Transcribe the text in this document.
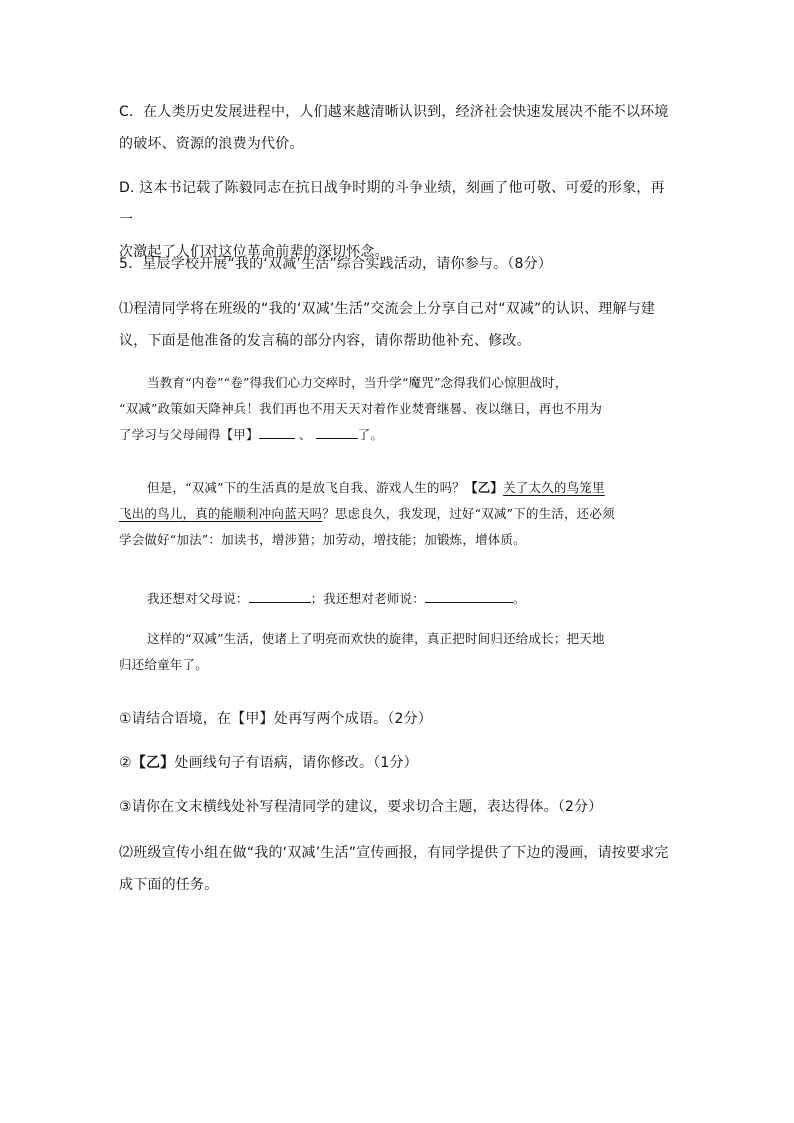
C．在人类历史发展进程中，人们越来越清晰认识到，经济社会快速发展决不能不以环境

的破坏、资源的浪费为代价。

D. 这本书记载了陈毅同志在抗日战争时期的斗争业绩，刻画了他可敬、可爱的形象，再一

次激起了人们对这位革命前辈的深切怀念。

5．星辰学校开展“我的‘双减’生活”综合实践活动，请你参与。（8分）

⑴程清同学将在班级的“我的‘双减’生活”交流会上分享自己对“双减”的认识、理解与建

议，下面是他准备的发言稿的部分内容，请你帮助他补充、修改。

当教育“内卷”“卷”得我们心力交瘁时，当升学“魔咒”念得我们心惊胆战时，

“双减”政策如天降神兵！我们再也不用天天对着作业焚膏继晷、夜以继日，再也不用为

了学习与父母闹得【甲】	、	了。

但是，“双减”下的生活真的是放飞自我、游戏人生的吗？【乙】关了太久的鸟笼里

飞出的鸟儿，真的能顺利冲向蓝天吗？思虑良久，我发现，过好“双减”下的生活，还必须

学会做好“加法”：加读书，增涉猎；加劳动，增技能；加锻炼，增体质。

我还想对父母说：	；我还想对老师说：	。

这样的“双减”生活，使诸上了明亮而欢快的旋律，真正把时间归还给成长；把天地

归还给童年了。

①请结合语境，在【甲】处再写两个成语。（2分）

②【乙】处画线句子有语病，请你修改。（1分）

③请你在文末横线处补写程清同学的建议，要求切合主题，表达得体。（2分）

⑵班级宣传小组在做“我的‘双减’生活”宣传画报，有同学提供了下边的漫画，请按要求完

成下面的任务。
